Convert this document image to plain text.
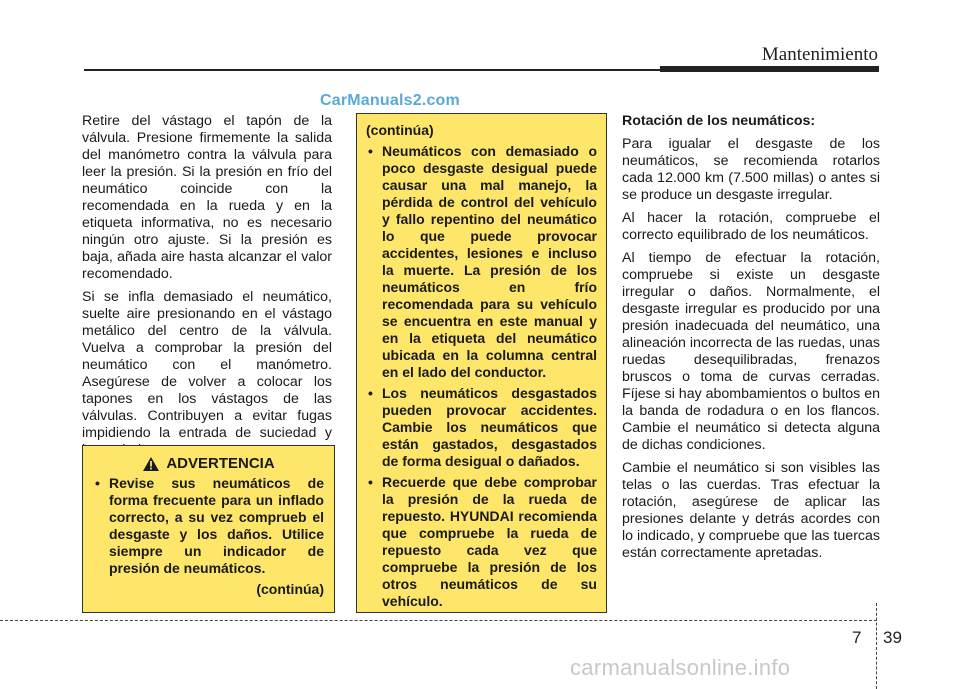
Mantenimiento
CarManuals2.com

Retire del vástago el tapón de la válvula. Presione firmemente la salida del manómetro contra la válvula para leer la presión. Si la presión en frío del neumático coincide con la recomendada en la rueda y en la etiqueta informativa, no es necesario ningún otro ajuste. Si la presión es baja, añada aire hasta alcanzar el valor recomendado.

Si se infla demasiado el neumático, suelte aire presionando en el vástago metálico del centro de la válvula. Vuelva a comprobar la presión del neumático con el manómetro. Asegúrese de volver a colocar los tapones en los vástagos de las válvulas. Contribuyen a evitar fugas impidiendo la entrada de suciedad y

ADVERTENCIA
• Revise sus neumáticos de forma frecuente para un inflado correcto, a su vez comprueb el desgaste y los daños. Utilice siempre un indicador de presión de neumáticos.
(continúa)
(continúa)
• Neumáticos con demasiado o poco desgaste desigual puede causar una mal manejo, la pérdida de control del vehículo y fallo repentino del neumático lo que puede provocar accidentes, lesiones e incluso la muerte. La presión de los neumáticos en frío recomendada para su vehículo se encuentra en este manual y en la etiqueta del neumático ubicada en la columna central en el lado del conductor.
• Los neumáticos desgastados pueden provocar accidentes. Cambie los neumáticos que están gastados, desgastados de forma desigual o dañados.
• Recuerde que debe comprobar la presión de la rueda de repuesto. HYUNDAI recomienda que compruebe la rueda de repuesto cada vez que compruebe la presión de los otros neumáticos de su vehículo.
Rotación de los neumáticos:

Para igualar el desgaste de los neumáticos, se recomienda rotarlos cada 12.000 km (7.500 millas) o antes si se produce un desgaste irregular.

Al hacer la rotación, compruebe el correcto equilibrado de los neumáticos.

Al tiempo de efectuar la rotación, compruebe si existe un desgaste irregular o daños. Normalmente, el desgaste irregular es producido por una presión inadecuada del neumático, una alineación incorrecta de las ruedas, unas ruedas desequilibradas, frenazos bruscos o toma de curvas cerradas. Fíjese si hay abombamientos o bultos en la banda de rodadura o en los flancos. Cambie el neumático si detecta alguna de dichas condiciones.

Cambie el neumático si son visibles las telas o las cuerdas. Tras efectuar la rotación, asegúrese de aplicar las presiones delante y detrás acordes con lo indicado, y compruebe que las tuercas están correctamente apretadas.

7 39
carmanualsonline.info
